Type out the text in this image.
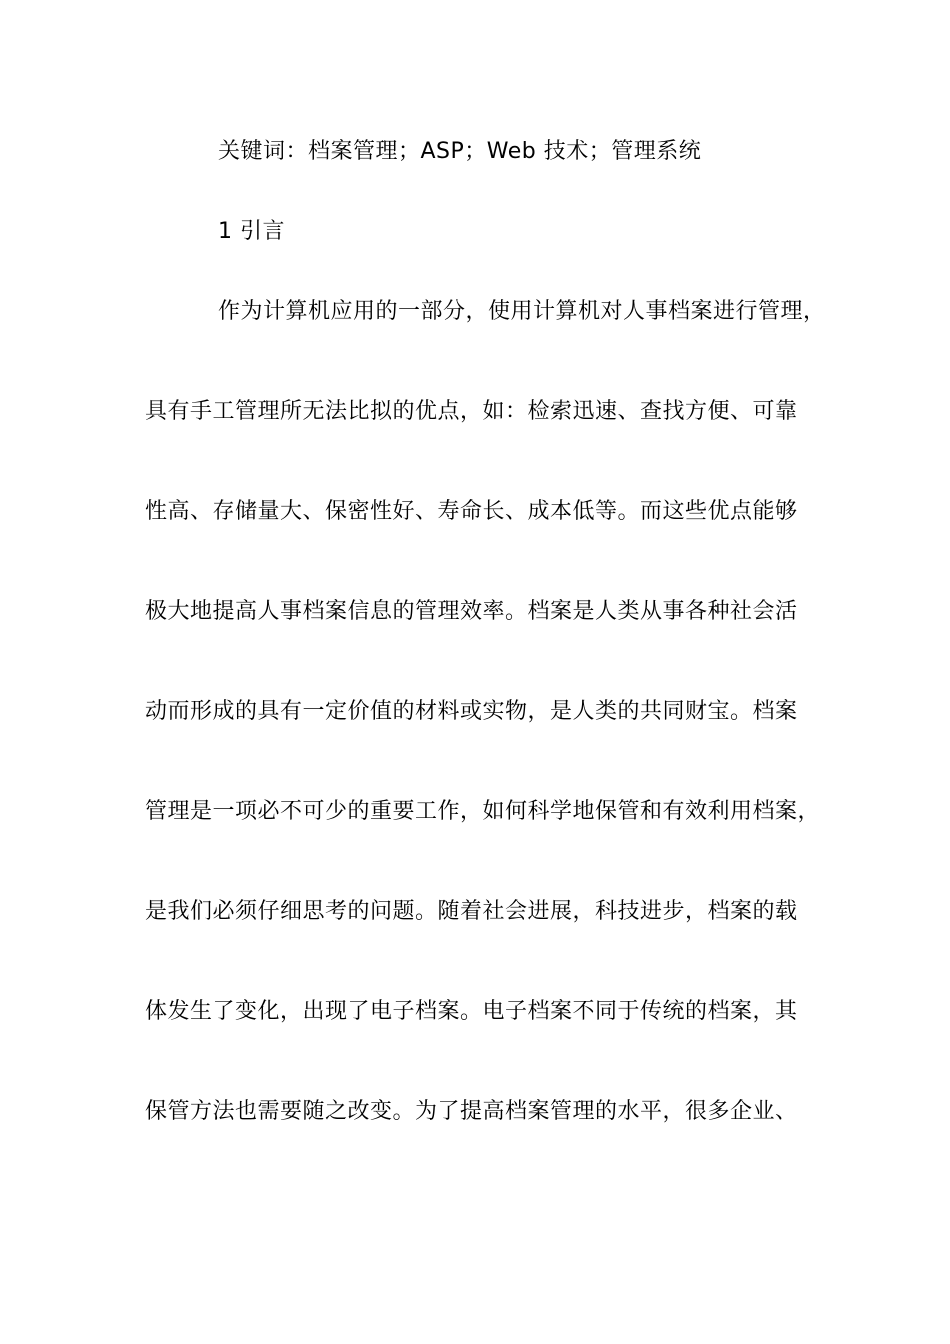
关键词：档案管理；ASP；Web 技术；管理系统
1 引言
作为计算机应用的一部分，使用计算机对人事档案进行管理，
具有手工管理所无法比拟的优点，如：检索迅速、查找方便、可靠
性高、存储量大、保密性好、寿命长、成本低等。而这些优点能够
极大地提高人事档案信息的管理效率。档案是人类从事各种社会活
动而形成的具有一定价值的材料或实物，是人类的共同财宝。档案
管理是一项必不可少的重要工作，如何科学地保管和有效利用档案，
是我们必须仔细思考的问题。随着社会进展，科技进步，档案的载
体发生了变化，出现了电子档案。电子档案不同于传统的档案，其
保管方法也需要随之改变。为了提高档案管理的水平，很多企业、
